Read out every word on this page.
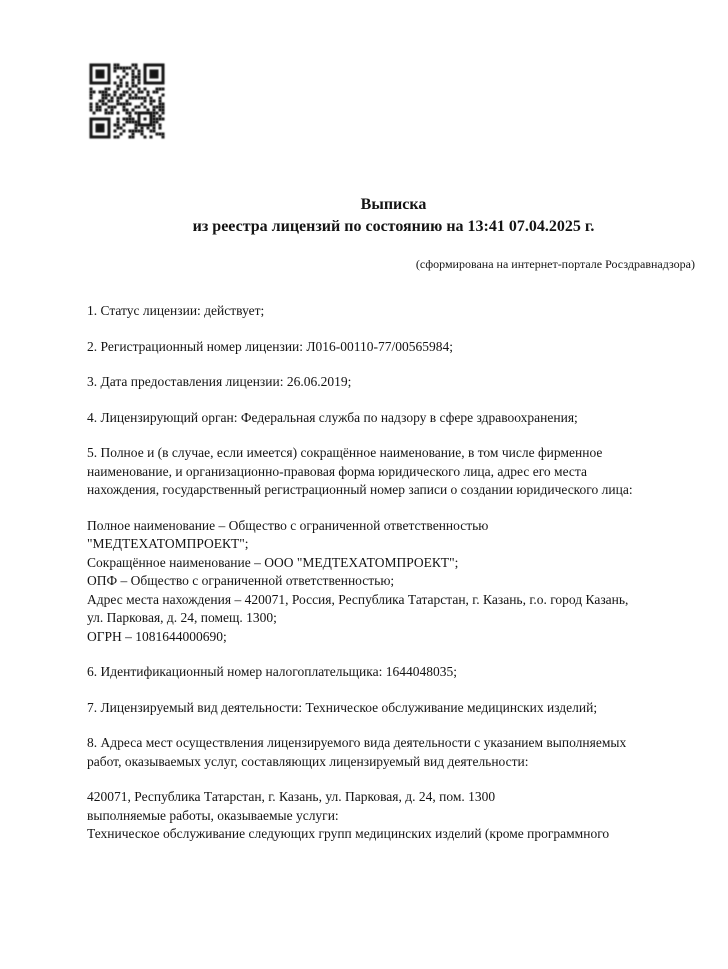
Выписка
из реестра лицензий по состоянию на 13:41 07.04.2025 г.
(сформирована на интернет-портале Росздравнадзора)
1. Статус лицензии: действует;
2. Регистрационный номер лицензии: Л016-00110-77/00565984;
3. Дата предоставления лицензии: 26.06.2019;
4. Лицензирующий орган: Федеральная служба по надзору в сфере здравоохранения;
5. Полное и (в случае, если имеется) сокращённое наименование, в том числе фирменное
наименование, и организационно-правовая форма юридического лица, адрес его места
нахождения, государственный регистрационный номер записи о создании юридического лица:
Полное наименование – Общество с ограниченной ответственностью
"МЕДТЕХАТОМПРОЕКТ";
Сокращённое наименование – ООО "МЕДТЕХАТОМПРОЕКТ";
ОПФ – Общество с ограниченной ответственностью;
Адрес места нахождения – 420071, Россия, Республика Татарстан, г. Казань, г.о. город Казань,
ул. Парковая, д. 24, помещ. 1300;
ОГРН – 1081644000690;
6. Идентификационный номер налогоплательщика: 1644048035;
7. Лицензируемый вид деятельности: Техническое обслуживание медицинских изделий;
8. Адреса мест осуществления лицензируемого вида деятельности с указанием выполняемых
работ, оказываемых услуг, составляющих лицензируемый вид деятельности:
420071, Республика Татарстан, г. Казань, ул. Парковая, д. 24, пом. 1300
выполняемые работы, оказываемые услуги:
Техническое обслуживание следующих групп медицинских изделий (кроме программного
